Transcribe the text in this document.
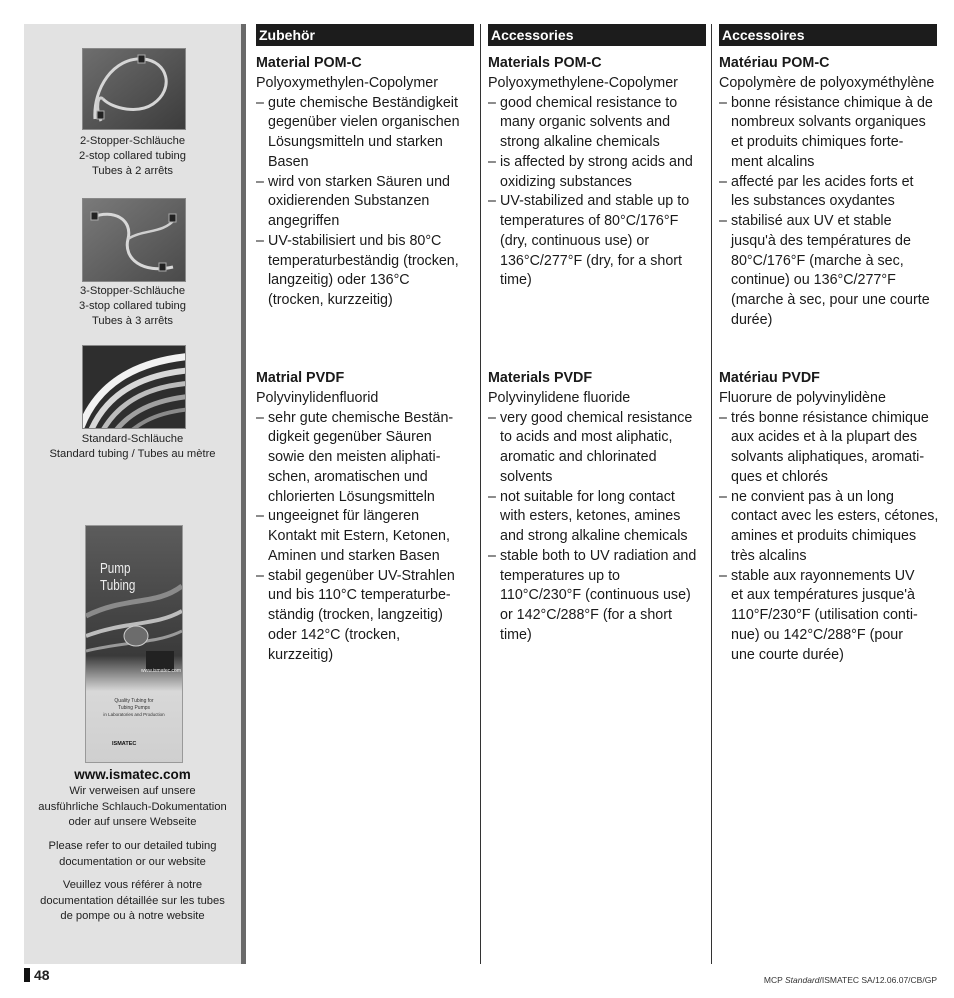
2-Stopper-Schläuche
2-stop collared tubing
Tubes à 2 arrêts
3-Stopper-Schläuche
3-stop collared tubing
Tubes à 3 arrêts
Standard-Schläuche
Standard tubing / Tubes au mètre
Pump Tubing
www.ismatec.com
Quality Tubing for
Tubing Pumps
in Laboratories and Production
ISMATEC
www.ismatec.com
Wir verweisen auf unsere
ausführliche Schlauch-Dokumentation
oder auf unsere Webseite
Please refer to our detailed tubing
documentation or our website
Veuillez vous référer à notre
documentation détaillée sur les tubes
de pompe ou à notre website
Zubehör
Material POM-C
Polyoxymethylen-Copolymer
– gute chemische Beständigkeit
gegenüber vielen organischen
Lösungsmitteln und starken
Basen
– wird von starken Säuren und
oxidierenden Substanzen
angegriffen
– UV-stabilisiert und bis 80°C
temperaturbeständig (trocken,
langzeitig) oder 136°C
(trocken, kurzzeitig)
Matrial PVDF
Polyvinylidenfluorid
– sehr gute chemische Bestän-
digkeit gegenüber Säuren
sowie den meisten aliphati-
schen, aromatischen und
chlorierten Lösungsmitteln
– ungeeignet für längeren
Kontakt mit Estern, Ketonen,
Aminen und starken Basen
– stabil gegenüber UV-Strahlen
und bis 110°C temperaturbe-
ständig (trocken, langzeitig)
oder 142°C (trocken,
kurzzeitig)
Accessories
Materials POM-C
Polyoxymethylene-Copolymer
– good chemical resistance to
many organic solvents and
strong alkaline chemicals
– is affected by strong acids and
oxidizing substances
– UV-stabilized and stable up to
temperatures of 80°C/176°F
(dry, continuous use) or
136°C/277°F (dry, for a short
time)
Materials PVDF
Polyvinylidene fluoride
– very good chemical resistance
to acids and most aliphatic,
aromatic and chlorinated
solvents
– not suitable for long contact
with esters, ketones, amines
and strong alkaline chemicals
– stable both to UV radiation and
temperatures up to
110°C/230°F (continuous use)
or 142°C/288°F (for a short
time)
Accessoires
Matériau POM-C
Copolymère de polyoxyméthylène
– bonne résistance chimique à de
nombreux solvants organiques
et produits chimiques forte-
ment alcalins
– affecté par les acides forts et
les substances oxydantes
– stabilisé aux UV et stable
jusqu'à des températures de
80°C/176°F (marche à sec,
continue) ou 136°C/277°F
(marche à sec, pour une courte
durée)
Matériau PVDF
Fluorure de polyvinylidène
– trés bonne résistance chimique
aux acides et à la plupart des
solvants aliphatiques, aromati-
ques et chlorés
– ne convient pas à un long
contact avec les esters, cétones,
amines et produits chimiques
très alcalins
– stable aux rayonnements UV
et aux températures jusque'à
110°F/230°F (utilisation conti-
nue) ou 142°C/288°F (pour
une courte durée)
48	MCP Standard/ISMATEC SA/12.06.07/CB/GP
